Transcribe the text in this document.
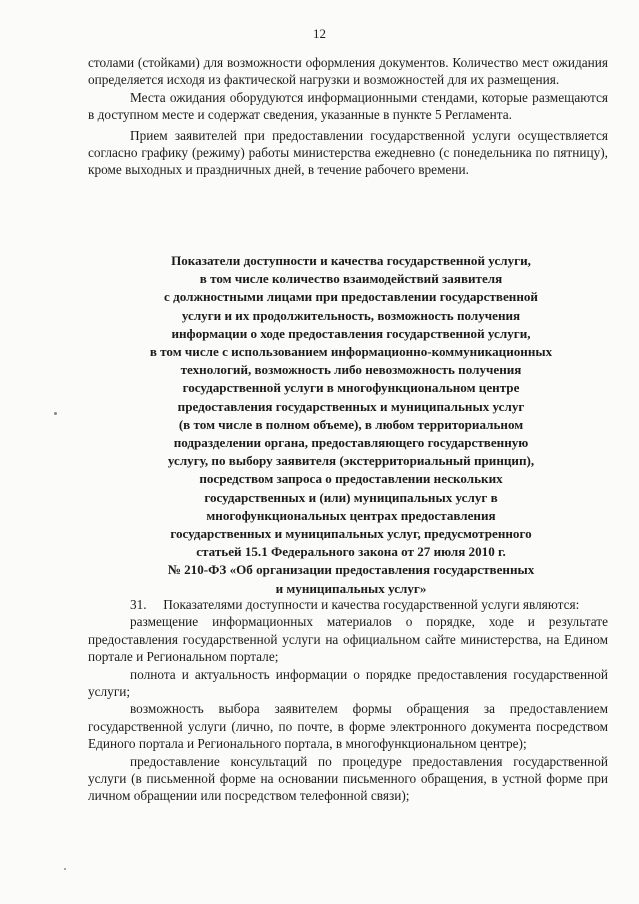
12

столами (стойками) для возможности оформления документов. Количество мест ожидания определяется исходя из фактической нагрузки и возможностей для их размещения.

Места ожидания оборудуются информационными стендами, которые размещаются в доступном месте и содержат сведения, указанные в пункте 5 Регламента.

Прием заявителей при предоставлении государственной услуги осуществляется согласно графику (режиму) работы министерства ежедневно (с понедельника по пятницу), кроме выходных и праздничных дней, в течение рабочего времени.

Показатели доступности и качества государственной услуги,
в том числе количество взаимодействий заявителя
с должностными лицами при предоставлении государственной
услуги и их продолжительность, возможность получения
информации о ходе предоставления государственной услуги,
в том числе с использованием информационно-коммуникационных
технологий, возможность либо невозможность получения
государственной услуги в многофункциональном центре
предоставления государственных и муниципальных услуг
(в том числе в полном объеме), в любом территориальном
подразделении органа, предоставляющего государственную
услугу, по выбору заявителя (экстерриториальный принцип),
посредством запроса о предоставлении нескольких
государственных и (или) муниципальных услуг в
многофункциональных центрах предоставления
государственных и муниципальных услуг, предусмотренного
статьей 15.1 Федерального закона от 27 июля 2010 г.
№ 210-ФЗ «Об организации предоставления государственных
и муниципальных услуг»

31. Показателями доступности и качества государственной услуги являются:

размещение информационных материалов о порядке, ходе и результате предоставления государственной услуги на официальном сайте министерства, на Едином портале и Региональном портале;

полнота и актуальность информации о порядке предоставления государственной услуги;

возможность выбора заявителем формы обращения за предоставлением государственной услуги (лично, по почте, в форме электронного документа посредством Единого портала и Регионального портала, в многофункциональном центре);

предоставление консультаций по процедуре предоставления государственной услуги (в письменной форме на основании письменного обращения, в устной форме при личном обращении или посредством телефонной связи);
